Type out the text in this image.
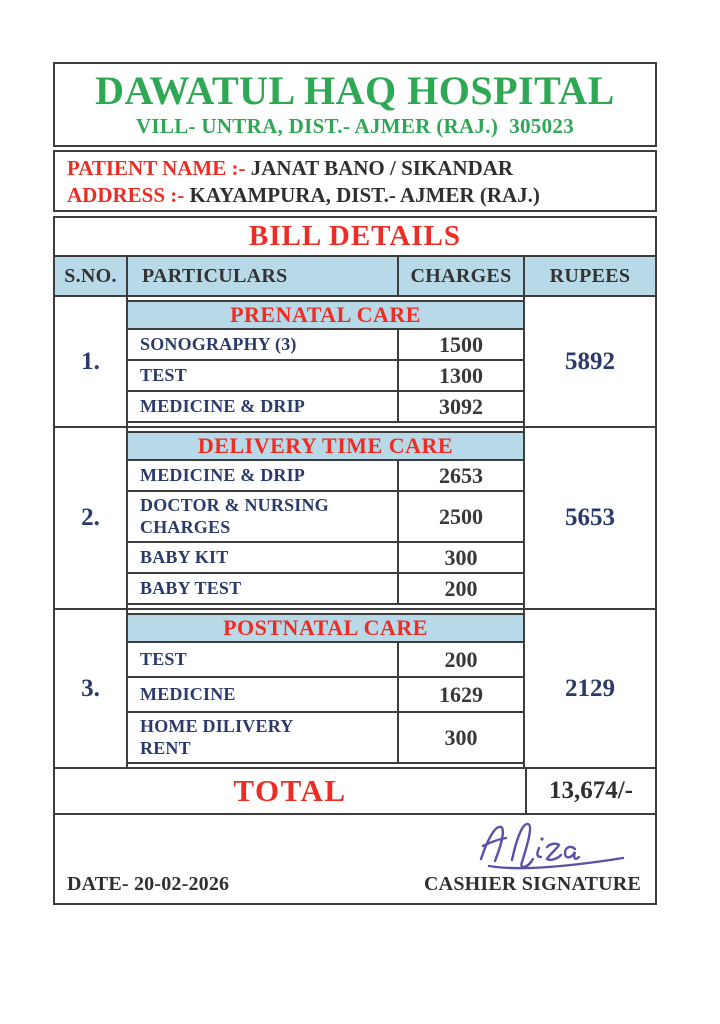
DAWATUL HAQ HOSPITAL
VILL- UNTRA, DIST.- AJMER (RAJ.)  305023
PATIENT NAME :- JANAT BANO / SIKANDAR
ADDRESS :- KAYAMPURA, DIST.- AJMER (RAJ.)
BILL DETAILS
S.NO.	PARTICULARS	CHARGES	RUPEES
1.
PRENATAL CARE
SONOGRAPHY (3)	1500
TEST	1300
MEDICINE & DRIP	3092
5892
2.
DELIVERY TIME CARE
MEDICINE & DRIP	2653
DOCTOR & NURSING CHARGES	2500
BABY KIT	300
BABY TEST	200
5653
3.
POSTNATAL CARE
TEST	200
MEDICINE	1629
HOME DILIVERY RENT	300
2129
TOTAL	13,674/-
DATE- 20-02-2026	CASHIER SIGNATURE
